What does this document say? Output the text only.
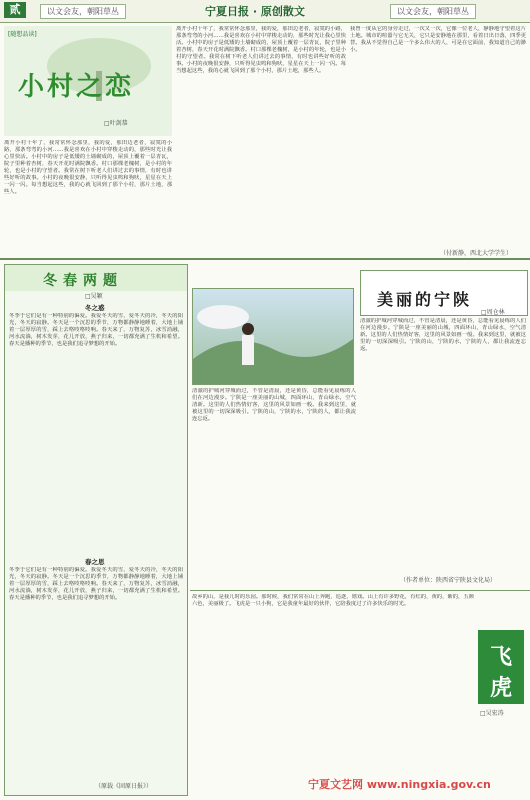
贰	以文会友，朝阳草丛	宁夏日报 · 原创散文	以文会友，朝阳草丛
[随想品读]
小村之恋
□叶剑恭
离开小村十年了，我常常怀念那里，我的爱，那田边老者，寂寞的小路，那条弯弯的小河……我是喜欢在小村中穿梭走动的，那些时光让我心里快活。小村中的房子是低矮的土墙砌成的，屋顶上覆着一层青瓦，院子里种着杏树，春天开花时满院飘香。村口那棵老槐树，是小村的年轮，也是小村的守望者。我常在树下听老人们讲过去的事情，有时也讲些好听的故事。小村的夜晚很安静，只听得见虫鸣和狗吠，星星在天上一闪一闪。每当想起这些，我的心就飞回到了那个小村，那片土地，那些人。
离开小村十年了，我常常怀念那里，我的爱，那田边老者，寂寞的小路，那条弯弯的小河……我是喜欢在小村中穿梭走动的，那些时光让我心里快活。小村中的房子是低矮的土墙砌成的，屋顶上覆着一层青瓦，院子里种着杏树，春天开花时满院飘香。村口那棵老槐树，是小村的年轮，也是小村的守望者。我常在树下听老人们讲过去的事情，有时也讲些好听的故事。小村的夜晚很安静，只听得见虫鸣和狗吠，星星在天上一闪一闪。每当想起这些，我的心就飞回到了那个小村，那片土地，那些人。
我曾一度从它的身旁走过，一次又一次，它像一位老人，静静地守望着这片土地。城市的喧嚣与它无关，它只是安静地在那里，看着日出日落，四季更替。我从不觉得自己是一个多么伟大的人，可是在它面前，我知道自己的渺小。
（付新静，西北大学学生）
冬春两题
□吴颖
冬之惑
冬季于它们是有一种特别的偏爱。我爱冬天的雪，爱冬天的冷，冬天的阳光，冬天的寂静。冬天是一个沉思的季节，万物都静静地睡着，大地上铺着一层厚厚的雪，踩上去咯吱咯吱响。春天来了，万物复苏，冰雪消融，河水流淌，树木发芽，花儿开放，燕子归来，一切都充满了生机和希望。春天是播种的季节，也是我们追寻梦想的开始。
春之思
冬季于它们是有一种特别的偏爱。我爱冬天的雪，爱冬天的冷，冬天的阳光，冬天的寂静。冬天是一个沉思的季节，万物都静静地睡着，大地上铺着一层厚厚的雪，踩上去咯吱咯吱响。春天来了，万物复苏，冰雪消融，河水流淌，树木发芽，花儿开放，燕子归来，一切都充满了生机和希望。春天是播种的季节，也是我们追寻梦想的开始。
（原载《固原日报》）
美丽的宁陕
□周仓林
清澈的护城河穿城而过，不管是清晨，还是黄昏，总能看见晨练的人们在河边漫步。宁陕是一座美丽的山城，四面环山，青山绿水，空气清新。这里的人们热情好客，这里的风景如画一般。我来到这里，就被这里的一切深深吸引。宁陕的山，宁陕的水，宁陕的人，都让我流连忘返。
清澈的护城河穿城而过，不管是清晨，还是黄昏，总能看见晨练的人们在河边漫步。宁陕是一座美丽的山城，四面环山，青山绿水，空气清新。这里的人们热情好客，这里的风景如画一般。我来到这里，就被这里的一切深深吸引。宁陕的山，宁陕的水，宁陕的人，都让我流连忘返。
（作者单位：陕西省宁陕县文化局）
故乡的山，是我儿时的乐园。那时候，我们常常在山上奔跑，追逐，嬉戏。山上有许多野花，有红的，黄的，紫的，五颜六色，美丽极了。飞虎是一只小狗，它是我童年最好的伙伴，它陪我度过了许多快乐的时光。
飞虎
□吴宏涛
宁夏文艺网 www.ningxia.gov.cn
